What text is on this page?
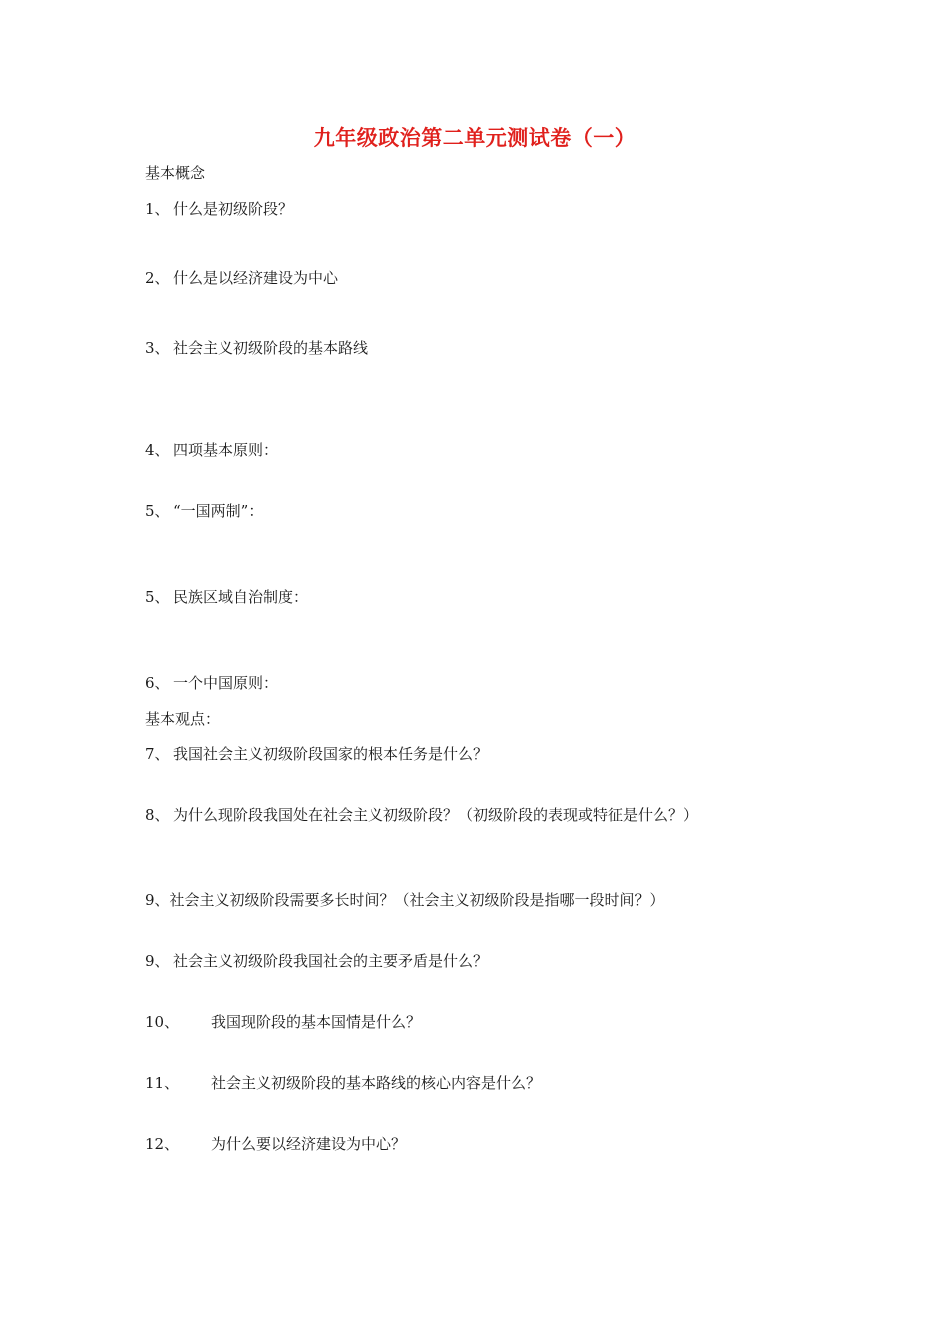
九年级政治第二单元测试卷（一）
基本概念
1、 什么是初级阶段？
2、 什么是以经济建设为中心
3、 社会主义初级阶段的基本路线
4、 四项基本原则：
5、 “一国两制”：
5、 民族区域自治制度：
6、 一个中国原则：
基本观点：
7、 我国社会主义初级阶段国家的根本任务是什么？
8、 为什么现阶段我国处在社会主义初级阶段？（初级阶段的表现或特征是什么？）
9、社会主义初级阶段需要多长时间？（社会主义初级阶段是指哪一段时间？）
9、 社会主义初级阶段我国社会的主要矛盾是什么？
10、 我国现阶段的基本国情是什么？
11、 社会主义初级阶段的基本路线的核心内容是什么？
12、 为什么要以经济建设为中心？
